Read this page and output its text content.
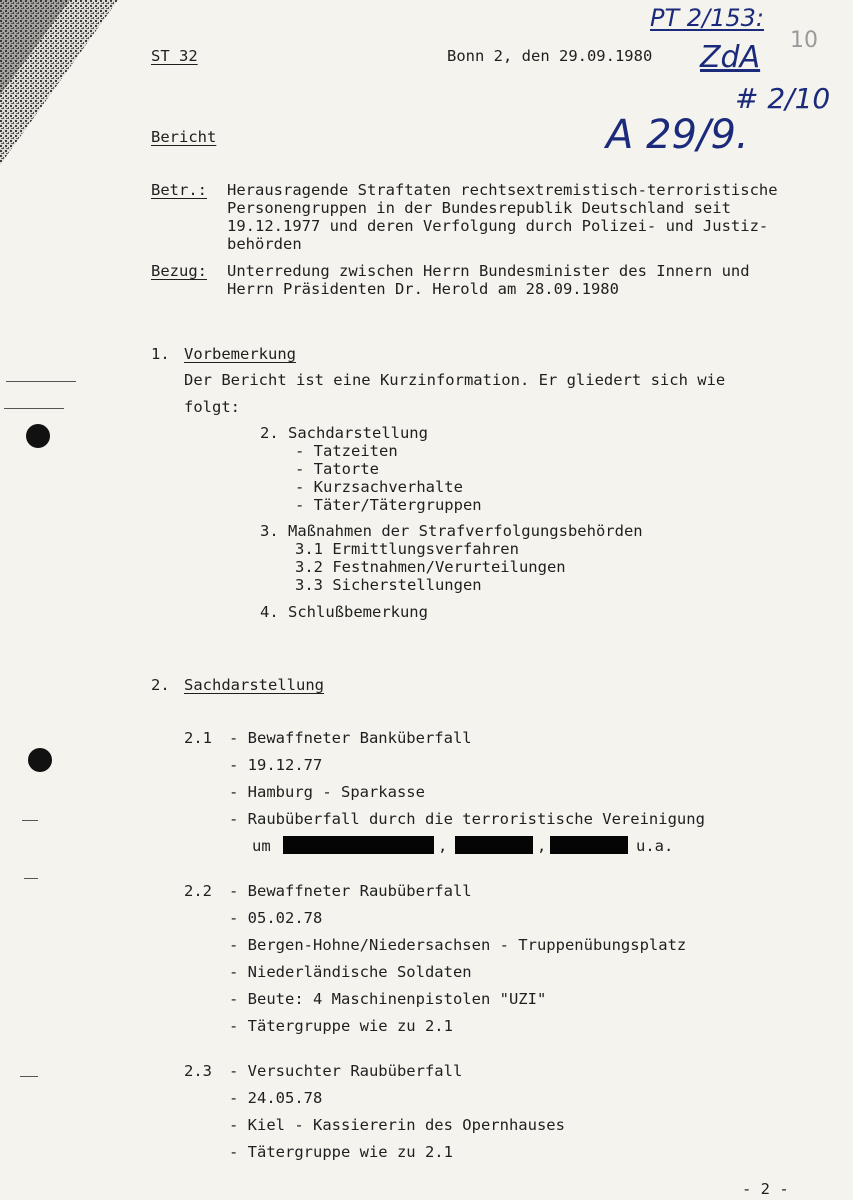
ST 32	Bonn 2, den 29.09.1980
10
PT 2/153:
ZdA
# 2/10
A 29/9.
Bericht
Betr.: Herausragende Straftaten rechtsextremistisch-terroristische
Personengruppen in der Bundesrepublik Deutschland seit
19.12.1977 und deren Verfolgung durch Polizei- und Justiz-
behörden
Bezug: Unterredung zwischen Herrn Bundesminister des Innern und
Herrn Präsidenten Dr. Herold am 28.09.1980
1. Vorbemerkung
Der Bericht ist eine Kurzinformation. Er gliedert sich wie
folgt:
2. Sachdarstellung
- Tatzeiten
- Tatorte
- Kurzsachverhalte
- Täter/Tätergruppen
3. Maßnahmen der Strafverfolgungsbehörden
3.1 Ermittlungsverfahren
3.2 Festnahmen/Verurteilungen
3.3 Sicherstellungen
4. Schlußbemerkung
2. Sachdarstellung
2.1 - Bewaffneter Banküberfall
- 19.12.77
- Hamburg - Sparkasse
- Raubüberfall durch die terroristische Vereinigung
um	,	,	u.a.
2.2 - Bewaffneter Raubüberfall
- 05.02.78
- Bergen-Hohne/Niedersachsen - Truppenübungsplatz
- Niederländische Soldaten
- Beute: 4 Maschinenpistolen "UZI"
- Tätergruppe wie zu 2.1
2.3 - Versuchter Raubüberfall
- 24.05.78
- Kiel - Kassiererin des Opernhauses
- Tätergruppe wie zu 2.1
- 2 -
